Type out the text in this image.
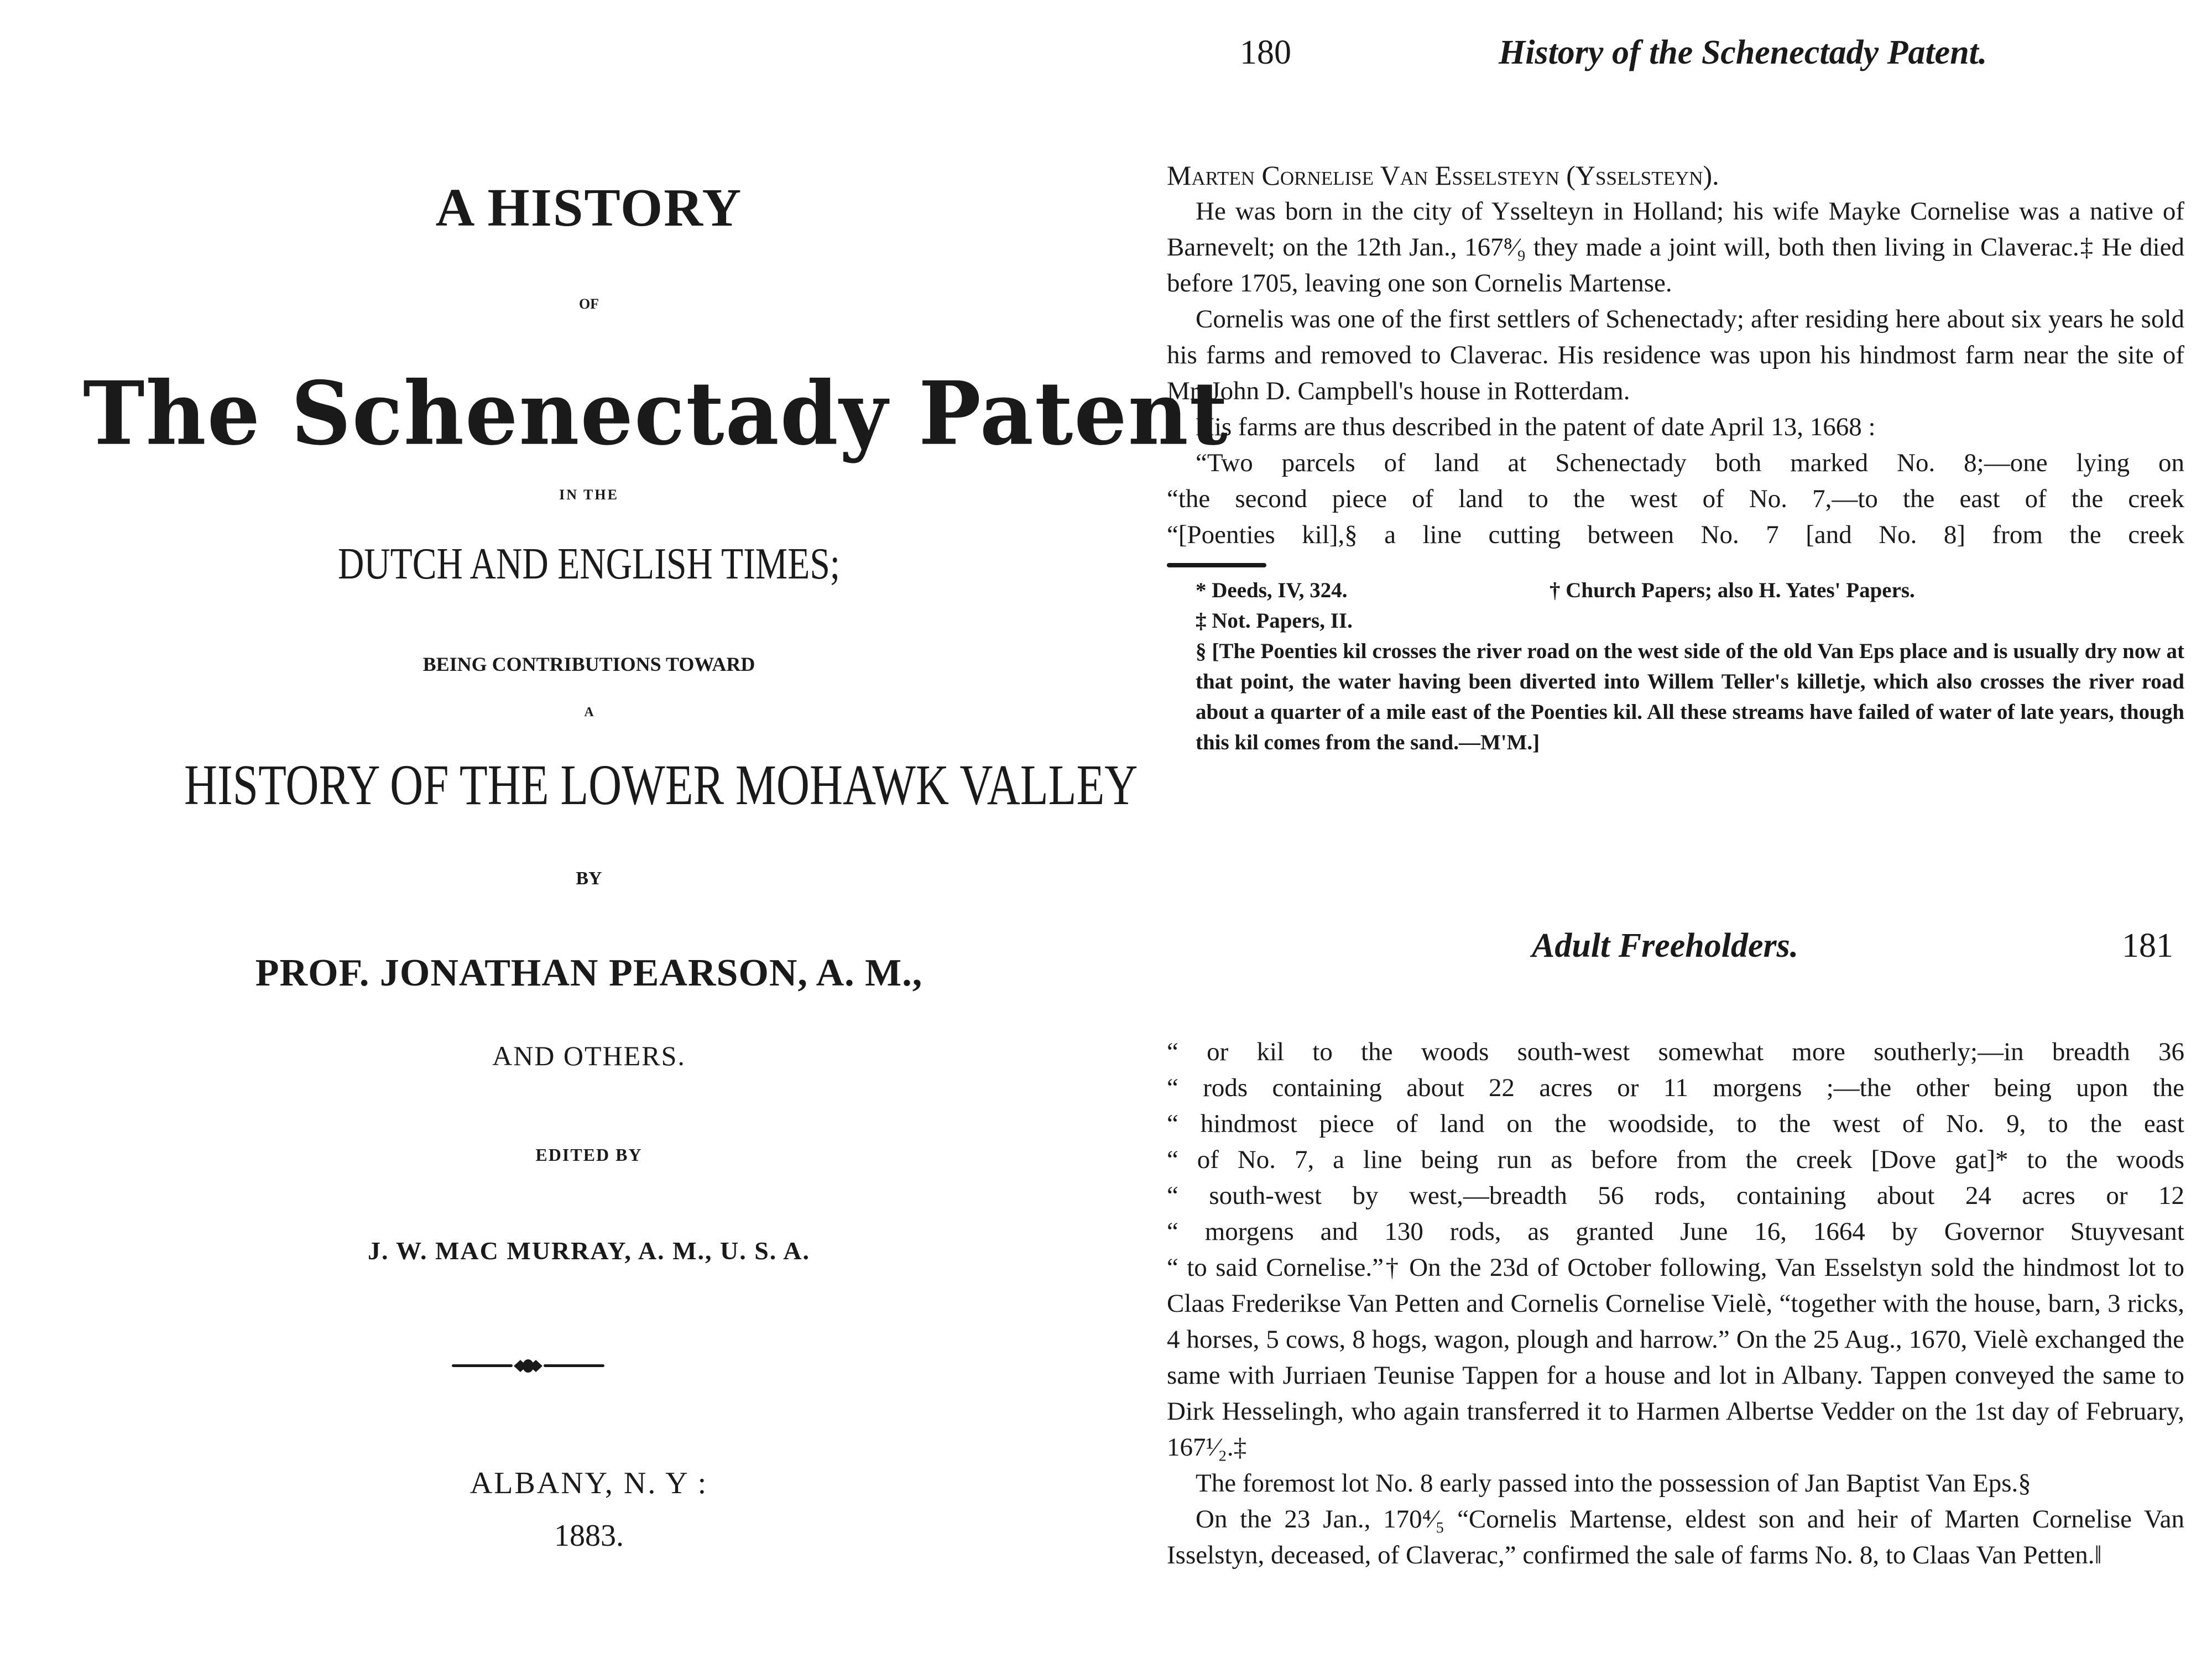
A HISTORY
OF
The Schenectady Patent
IN THE
DUTCH AND ENGLISH TIMES;
BEING CONTRIBUTIONS TOWARD
A
HISTORY OF THE LOWER MOHAWK VALLEY
BY
PROF. JONATHAN PEARSON, A. M.,
AND OTHERS.
EDITED BY
J. W. MAC MURRAY, A. M., U. S. A.
ALBANY, N. Y :
1883.
180	History of the Schenectady Patent.

Marten Cornelise Van Esselsteyn (Ysselsteyn).

He was born in the city of Ysselteyn in Holland; his wife Mayke Cornelise was a native of Barnevelt; on the 12th Jan., 167⁸⁄₉ they made a joint will, both then living in Claverac.‡ He died before 1705, leaving one son Cornelis Martense.

Cornelis was one of the first settlers of Schenectady; after residing here about six years he sold his farms and removed to Claverac. His residence was upon his hindmost farm near the site of Mr. John D. Campbell's house in Rotterdam.

His farms are thus described in the patent of date April 13, 1668 :

“Two parcels of land at Schenectady both marked No. 8;—one lying on
“the second piece of land to the west of No. 7,—to the east of the creek
“[Poenties kil],§ a line cutting between No. 7 [and No. 8] from the creek

* Deeds, IV, 324.	† Church Papers; also H. Yates' Papers.

‡ Not. Papers, II.

§ [The Poenties kil crosses the river road on the west side of the old Van Eps place and is usually dry now at that point, the water having been diverted into Willem Teller's killetje, which also crosses the river road about a quarter of a mile east of the Poenties kil. All these streams have failed of water of late years, though this kil comes from the sand.—M'M.]

Adult Freeholders.	181
“ or kil to the woods south-west somewhat more southerly;—in breadth 36
“ rods containing about 22 acres or 11 morgens ;—the other being upon the
“ hindmost piece of land on the woodside, to the west of No. 9, to the east
“ of No. 7, a line being run as before from the creek [Dove gat]* to the woods
“ south-west by west,—breadth 56 rods, containing about 24 acres or 12
“ morgens and 130 rods, as granted June 16, 1664 by Governor Stuyvesant

“ to said Cornelise.”† On the 23d of October following, Van Esselstyn sold the hindmost lot to Claas Frederikse Van Petten and Cornelis Cornelise Vielè, “together with the house, barn, 3 ricks, 4 horses, 5 cows, 8 hogs, wagon, plough and harrow.” On the 25 Aug., 1670, Vielè exchanged the same with Jurriaen Teunise Tappen for a house and lot in Albany. Tappen conveyed the same to Dirk Hesselingh, who again transferred it to Harmen Albertse Vedder on the 1st day of February, 167¹⁄₂.‡

The foremost lot No. 8 early passed into the possession of Jan Baptist Van Eps.§

On the 23 Jan., 170⁴⁄₅ “Cornelis Martense, eldest son and heir of Marten Cornelise Van Isselstyn, deceased, of Claverac,” confirmed the sale of farms No. 8, to Claas Van Petten.‖
